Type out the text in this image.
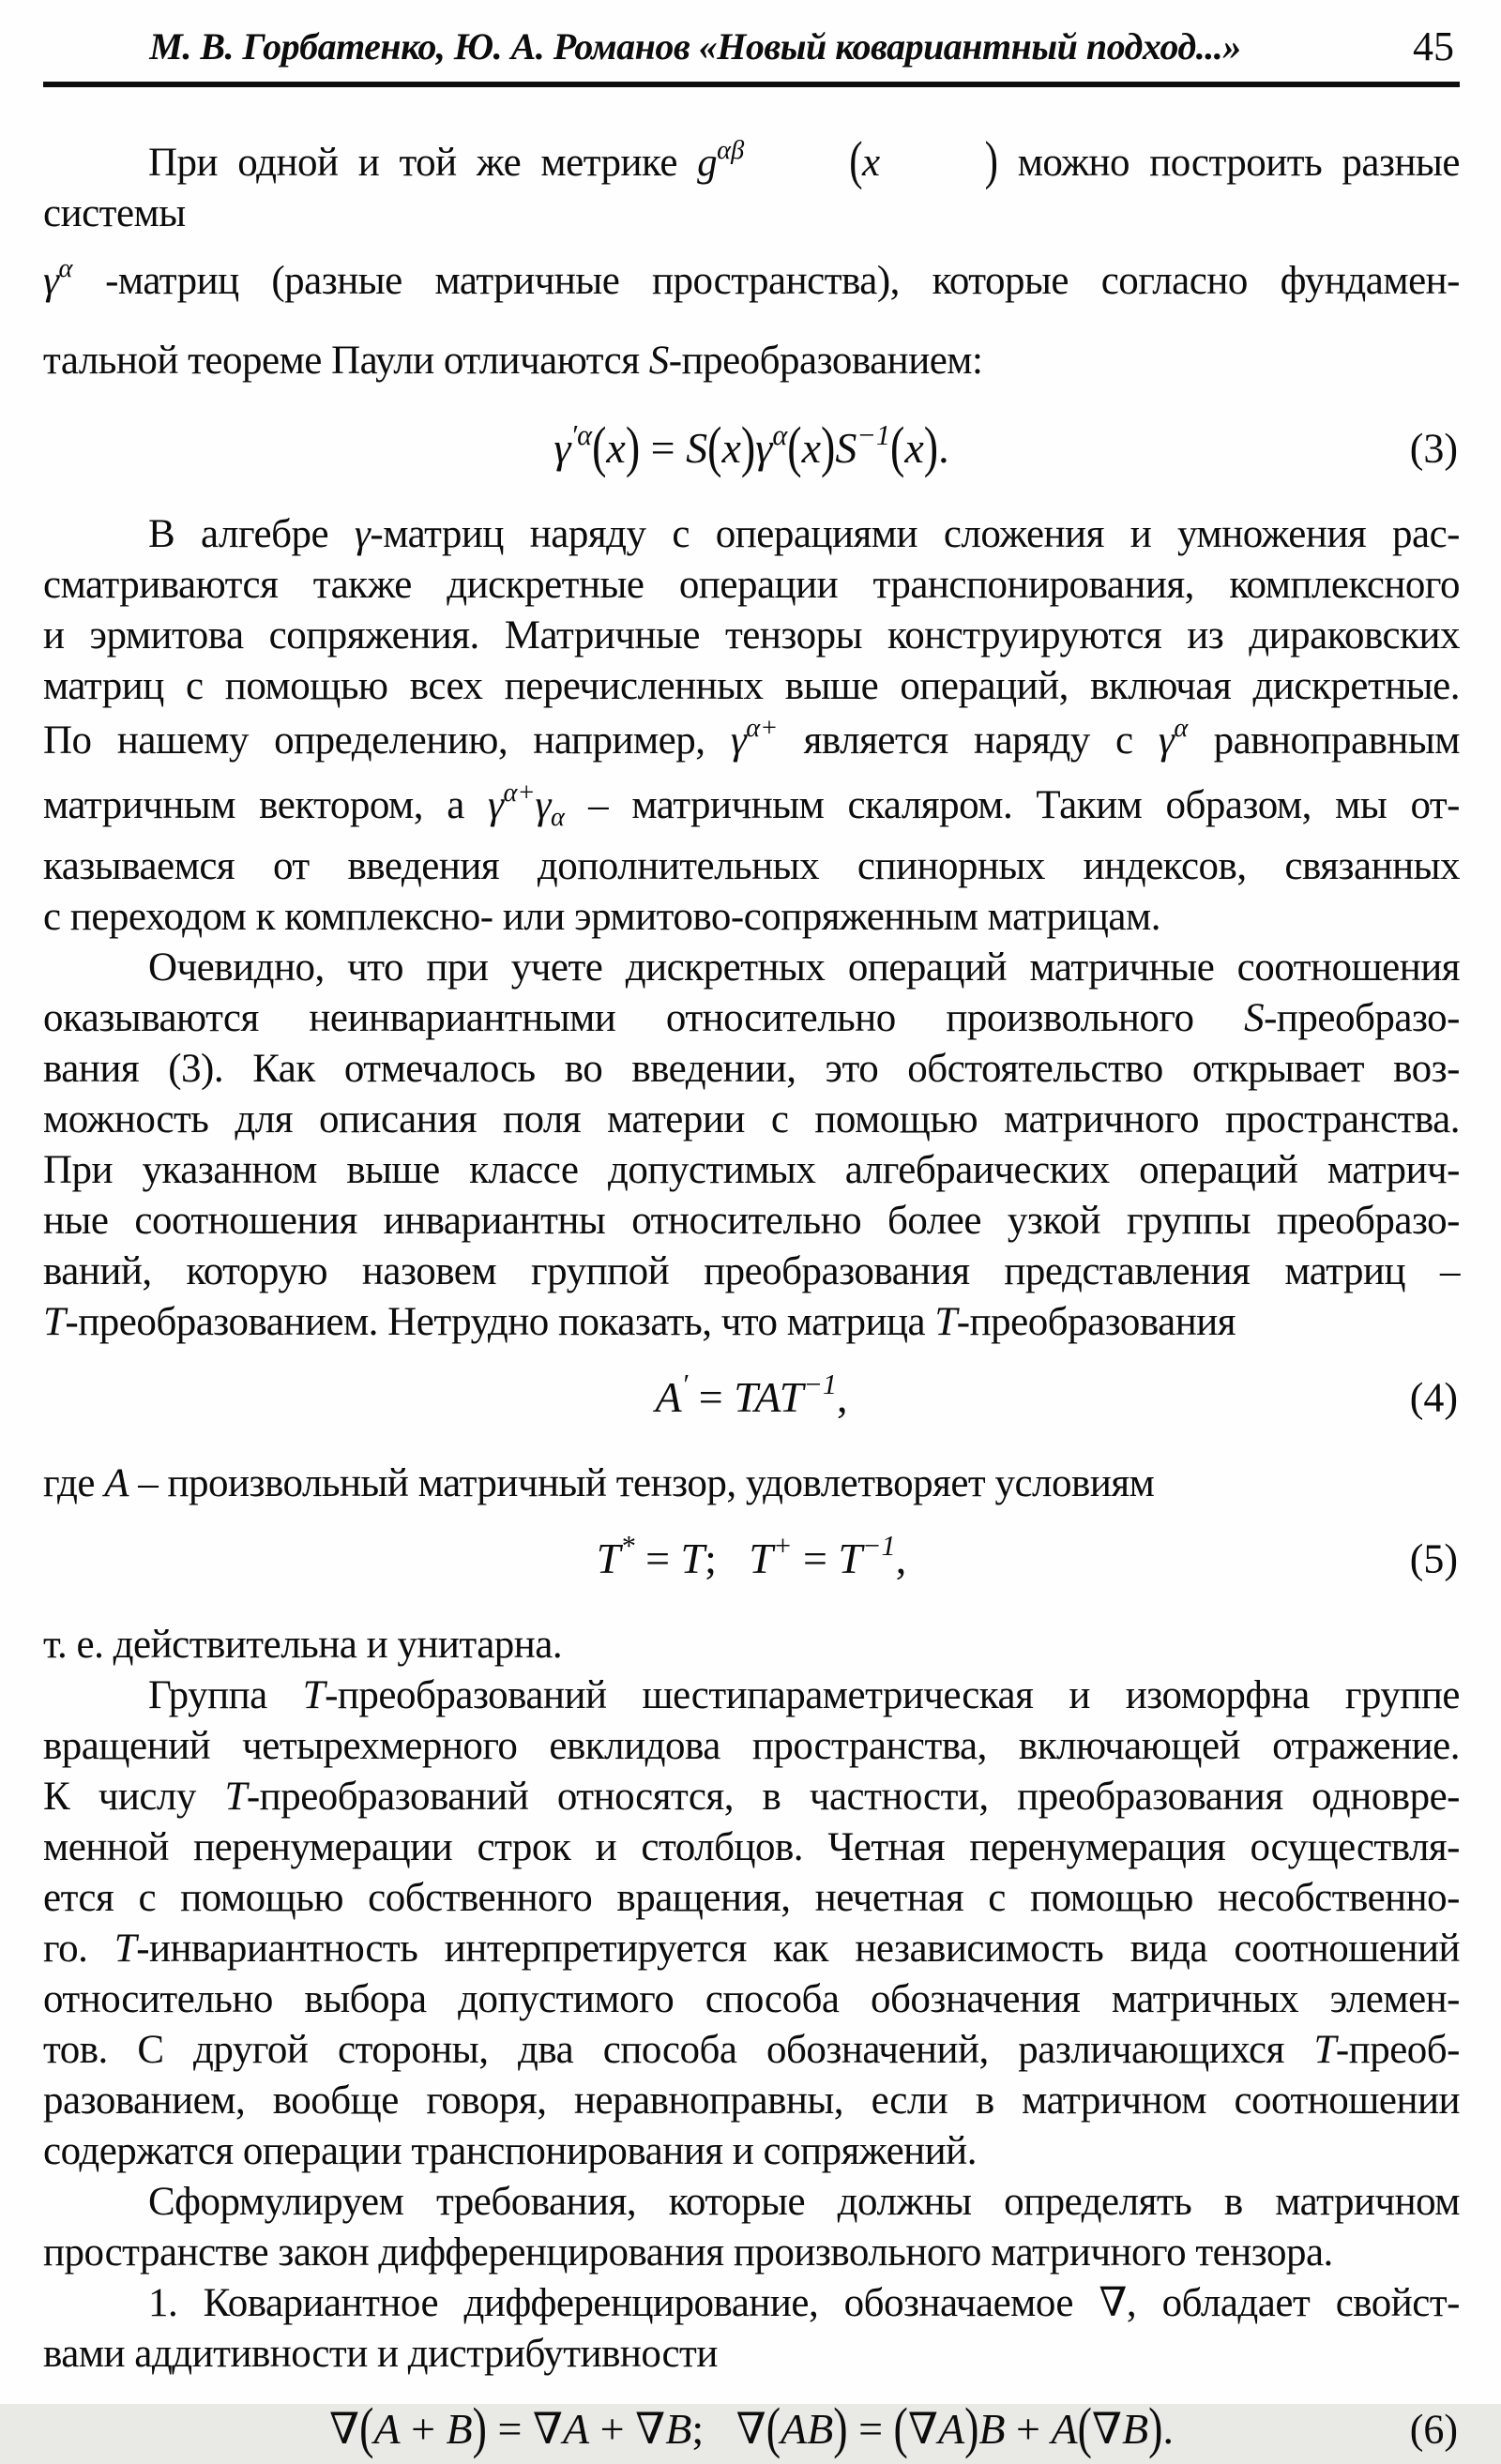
М. В. Горбатенко, Ю. А. Романов «Новый ковариантный подход...»	45
При одной и той же метрике $g^{\alpha\beta}$	(x	) можно построить разные системы
$\gamma^\alpha$ -матриц (разные матричные пространства), которые согласно фундамен-
тальной теореме Паули отличаются S-преобразованием:
$\gamma^{'\alpha}(x) = S(x)\gamma^\alpha(x)S^{-1}(x)$.	(3)
В алгебре γ-матриц наряду с операциями сложения и умножения рас-
сматриваются также дискретные операции транспонирования, комплексного
и эрмитова сопряжения. Матричные тензоры конструируются из дираковских
матриц с помощью всех перечисленных выше операций, включая дискретные.
По нашему определению, например, $\gamma^{\alpha+}$ является наряду с $\gamma^\alpha$ равноправным
матричным вектором, а $\gamma^{\alpha+}\gamma\alpha$ – матричным скаляром. Таким образом, мы от-
казываемся от введения дополнительных спинорных индексов, связанных
с переходом к комплексно- или эрмитово-сопряженным матрицам.
Очевидно, что при учете дискретных операций матричные соотношения
оказываются неинвариантными относительно произвольного S-преобразо-
вания (3). Как отмечалось во введении, это обстоятельство открывает воз-
можность для описания поля материи с помощью матричного пространства.
При указанном выше классе допустимых алгебраических операций матрич-
ные соотношения инвариантны относительно более узкой группы преобразо-
ваний, которую назовем группой преобразования представления матриц –
T-преобразованием. Нетрудно показать, что матрица T-преобразования
$A' = TAT^{-1}$,	(4)
где A – произвольный матричный тензор, удовлетворяет условиям
T* = T;  $T^+ = T^{-1}$,	(5)
т. е. действительна и унитарна.
Группа T-преобразований шестипараметрическая и изоморфна группе
вращений четырехмерного евклидова пространства, включающей отражение.
К числу T-преобразований относятся, в частности, преобразования одновре-
менной перенумерации строк и столбцов. Четная перенумерация осуществля-
ется с помощью собственного вращения, нечетная с помощью несобственно-
го. T-инвариантность интерпретируется как независимость вида соотношений
относительно выбора допустимого способа обозначения матричных элемен-
тов. С другой стороны, два способа обозначений, различающихся T-преоб-
разованием, вообще говоря, неравноправны, если в матричном соотношении
содержатся операции транспонирования и сопряжений.
Сформулируем требования, которые должны определять в матричном
пространстве закон дифференцирования произвольного матричного тензора.
1. Ковариантное дифференцирование, обозначаемое ∇, обладает свойст-
вами аддитивности и дистрибутивности
∇(A + B) = ∇A + ∇B;  ∇(AB) = (∇A)B + A(∇B).	(6)
